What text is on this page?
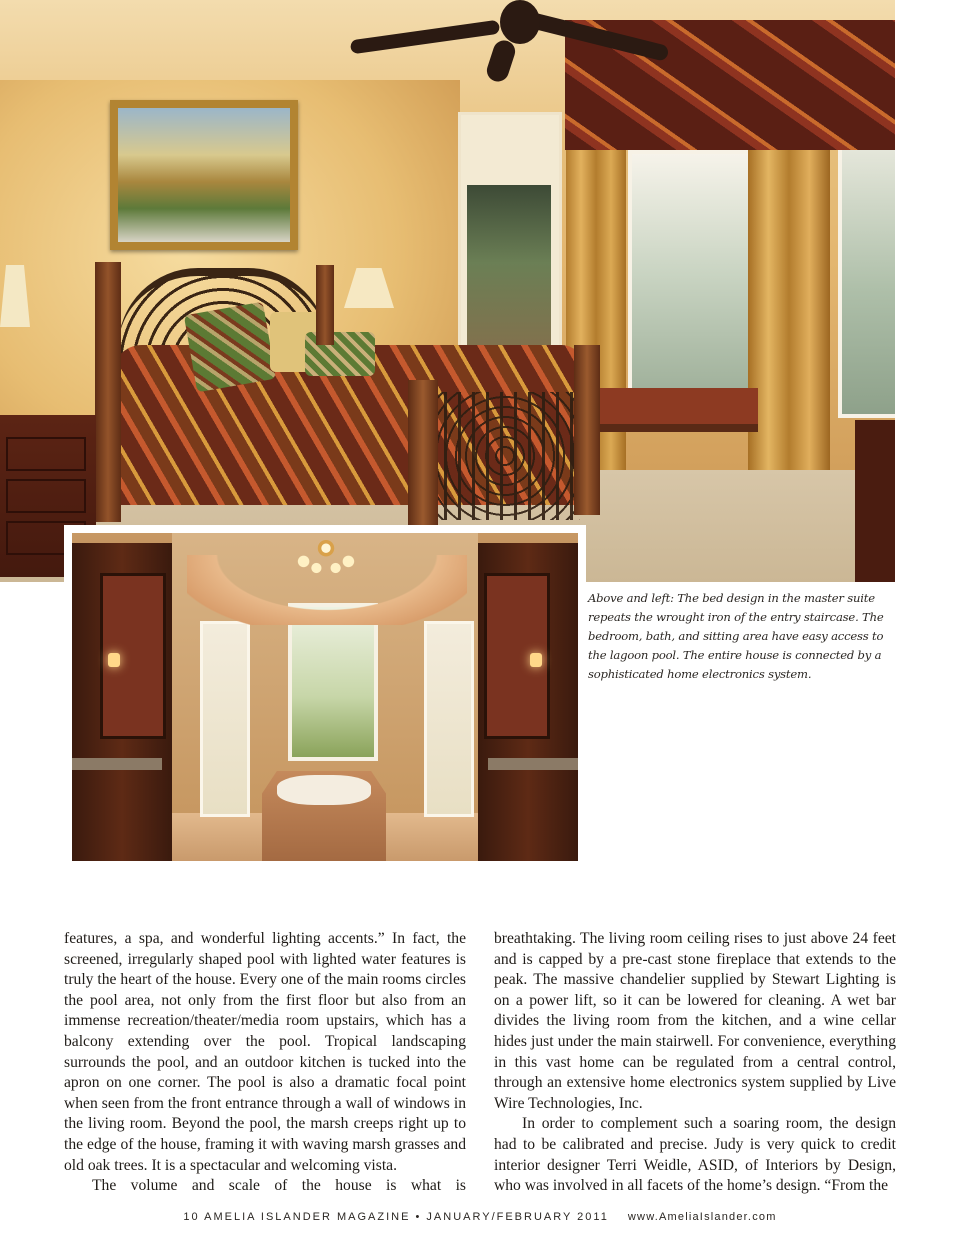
Above and left: The bed design in the master suite repeats the wrought iron of the entry staircase. The bedroom, bath, and sitting area have easy access to the lagoon pool. The entire house is connected by a sophisticated home electronics system.

features, a spa, and wonderful lighting accents.” In fact, the screened, irregularly shaped pool with lighted water features is truly the heart of the house. Every one of the main rooms circles the pool area, not only from the first floor but also from an immense recreation/theater/media room upstairs, which has a balcony extending over the pool. Tropical landscaping surrounds the pool, and an outdoor kitchen is tucked into the apron on one corner. The pool is also a dramatic focal point when seen from the front entrance through a wall of windows in the living room. Beyond the pool, the marsh creeps right up to the edge of the house, framing it with waving marsh grasses and old oak trees. It is a spectacular and welcoming vista.

The volume and scale of the house is what is

breathtaking. The living room ceiling rises to just above 24 feet and is capped by a pre-cast stone fireplace that extends to the peak. The massive chandelier supplied by Stewart Lighting is on a power lift, so it can be lowered for cleaning. A wet bar divides the living room from the kitchen, and a wine cellar hides just under the main stairwell. For convenience, everything in this vast home can be regulated from a central control, through an extensive home electronics system supplied by Live Wire Technologies, Inc.

In order to complement such a soaring room, the design had to be calibrated and precise. Judy is very quick to credit interior designer Terri Weidle, ASID, of Interiors by Design, who was involved in all facets of the home’s design. “From the

10 AMELIA ISLANDER MAGAZINE • JANUARY/FEBRUARY 2011 www.AmeliaIslander.com
